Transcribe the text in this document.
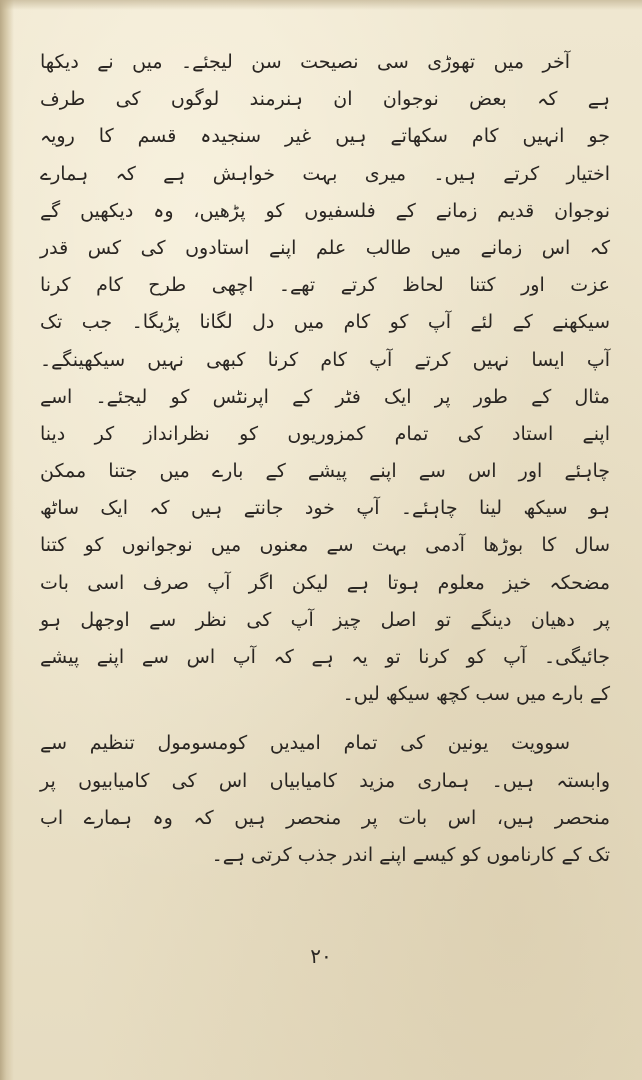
آخر میں تھوڑی سی نصیحت سن لیجئے۔ میں نے دیکھا
ہے کہ بعض نوجوان ان ہنرمند لوگوں کی طرف
جو انہیں کام سکھاتے ہیں غیر سنجیدہ قسم کا رویہ
اختیار کرتے ہیں۔ میری بہت خواہش ہے کہ ہمارے
نوجوان قدیم زمانے کے فلسفیوں کو پڑھیں، وہ دیکھیں گے
کہ اس زمانے میں طالب علم اپنے استادوں کی کس قدر
عزت اور کتنا لحاظ کرتے تھے۔ اچھی طرح کام کرنا
سیکھنے کے لئے آپ کو کام میں دل لگانا پڑیگا۔ جب تک
آپ ایسا نہیں کرتے آپ کام کرنا کبھی نہیں سیکھینگے۔
مثال کے طور پر ایک فٹر کے اپرنٹس کو لیجئے۔ اسے
اپنے استاد کی تمام کمزوریوں کو نظرانداز کر دینا
چاہئے اور اس سے اپنے پیشے کے بارے میں جتنا ممکن
ہو سیکھ لینا چاہئے۔ آپ خود جانتے ہیں کہ ایک ساٹھ
سال کا بوڑھا آدمی بہت سے معنوں میں نوجوانوں کو کتنا
مضحکہ خیز معلوم ہوتا ہے لیکن اگر آپ صرف اسی بات
پر دھیان دینگے تو اصل چیز آپ کی نظر سے اوجھل ہو
جائیگی۔ آپ کو کرنا تو یہ ہے کہ آپ اس سے اپنے پیشے
کے بارے میں سب کچھ سیکھ لیں۔
سوویت یونین کی تمام امیدیں کومسومول تنظیم سے
وابستہ ہیں۔ ہماری مزید کامیابیاں اس کی کامیابیوں پر
منحصر ہیں، اس بات پر منحصر ہیں کہ وہ ہمارے اب
تک کے کارناموں کو کیسے اپنے اندر جذب کرتی ہے۔
۲۰
